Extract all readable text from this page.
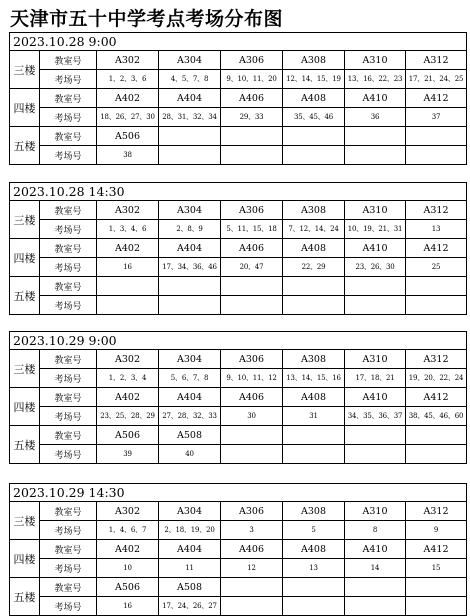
天津市五十中学考点考场分布图
2023.10.28 9:00							
三楼	教室号	A302	A304	A306	A308	A310	A312
	考场号	1、2、3、6	4、5、7、8	9、10、11、20	12、14、15、19	13、16、22、23	17、21、24、25
四楼	教室号	A402	A404	A406	A408	A410	A412
	考场号	18、26、27、30	28、31、32、34	29、33	35、45、46	36	37
五楼	教室号	A506					
	考场号	38					
2023.10.28 14:30							
三楼	教室号	A302	A304	A306	A308	A310	A312
	考场号	1、3、4、6	2、8、9	5、11、15、18	7、12、14、24	10、19、21、31	13
四楼	教室号	A402	A404	A406	A408	A410	A412
	考场号	16	17、34、36、46	20、47	22、29	23、26、30	25
五楼	教室号						
	考场号						
2023.10.29 9:00							
三楼	教室号	A302	A304	A306	A308	A310	A312
	考场号	1、2、3、4	5、6、7、8	9、10、11、12	13、14、15、16	17、18、21	19、20、22、24
四楼	教室号	A402	A404	A406	A408	A410	A412
	考场号	23、25、28、29	27、28、32、33	30	31	34、35、36、37	38、45、46、60
五楼	教室号	A506	A508				
	考场号	39	40				
2023.10.29 14:30							
三楼	教室号	A302	A304	A306	A308	A310	A312
	考场号	1、4、6、7	2、18、19、20	3	5	8	9
四楼	教室号	A402	A404	A406	A408	A410	A412
	考场号	10	11	12	13	14	15
五楼	教室号	A506	A508				
	考场号	16	17、24、26、27				
